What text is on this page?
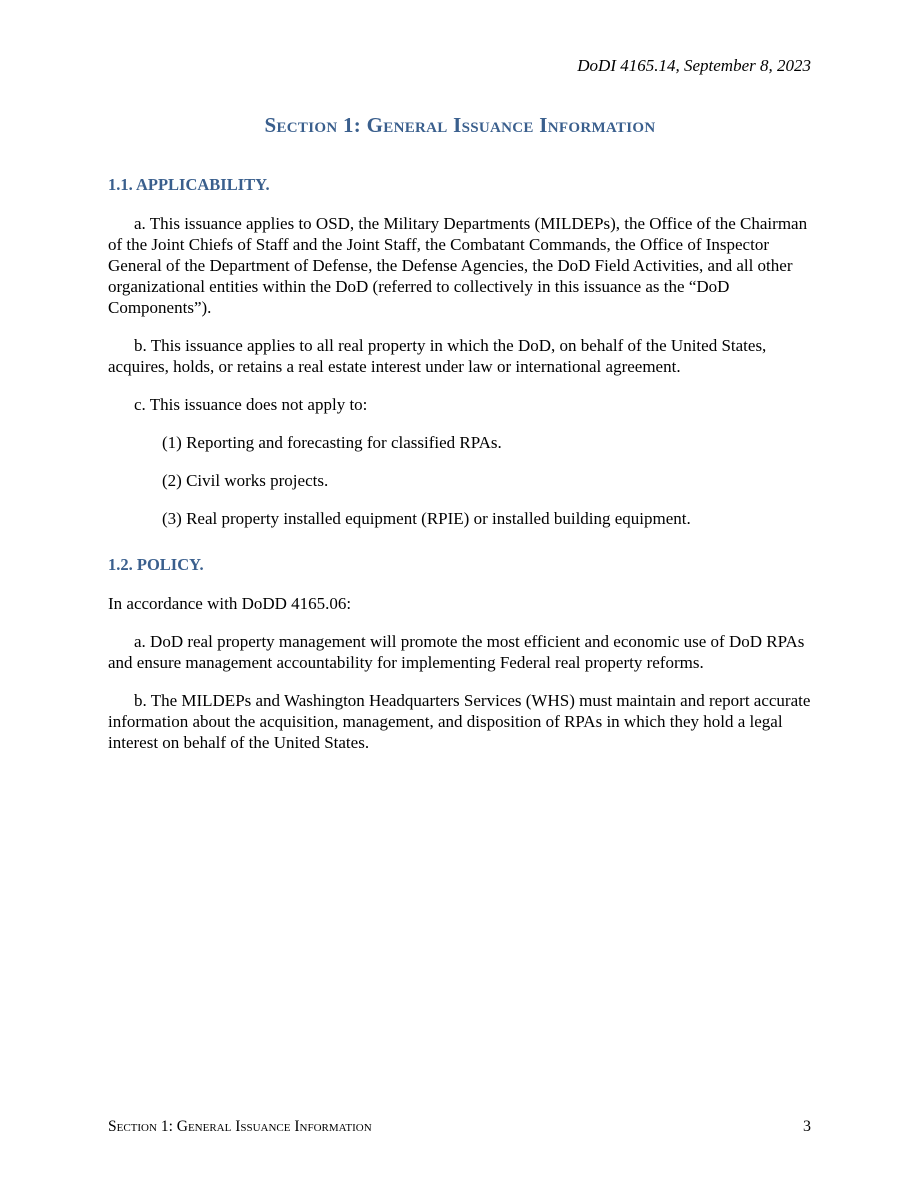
DoDI 4165.14, September 8, 2023
Section 1: General Issuance Information
1.1. APPLICABILITY.

a. This issuance applies to OSD, the Military Departments (MILDEPs), the Office of the Chairman of the Joint Chiefs of Staff and the Joint Staff, the Combatant Commands, the Office of Inspector General of the Department of Defense, the Defense Agencies, the DoD Field Activities, and all other organizational entities within the DoD (referred to collectively in this issuance as the “DoD Components”).

b. This issuance applies to all real property in which the DoD, on behalf of the United States, acquires, holds, or retains a real estate interest under law or international agreement.

c. This issuance does not apply to:

(1) Reporting and forecasting for classified RPAs.

(2) Civil works projects.

(3) Real property installed equipment (RPIE) or installed building equipment.

1.2. POLICY.

In accordance with DoDD 4165.06:

a. DoD real property management will promote the most efficient and economic use of DoD RPAs and ensure management accountability for implementing Federal real property reforms.

b. The MILDEPs and Washington Headquarters Services (WHS) must maintain and report accurate information about the acquisition, management, and disposition of RPAs in which they hold a legal interest on behalf of the United States.

Section 1: General Issuance Information	3
